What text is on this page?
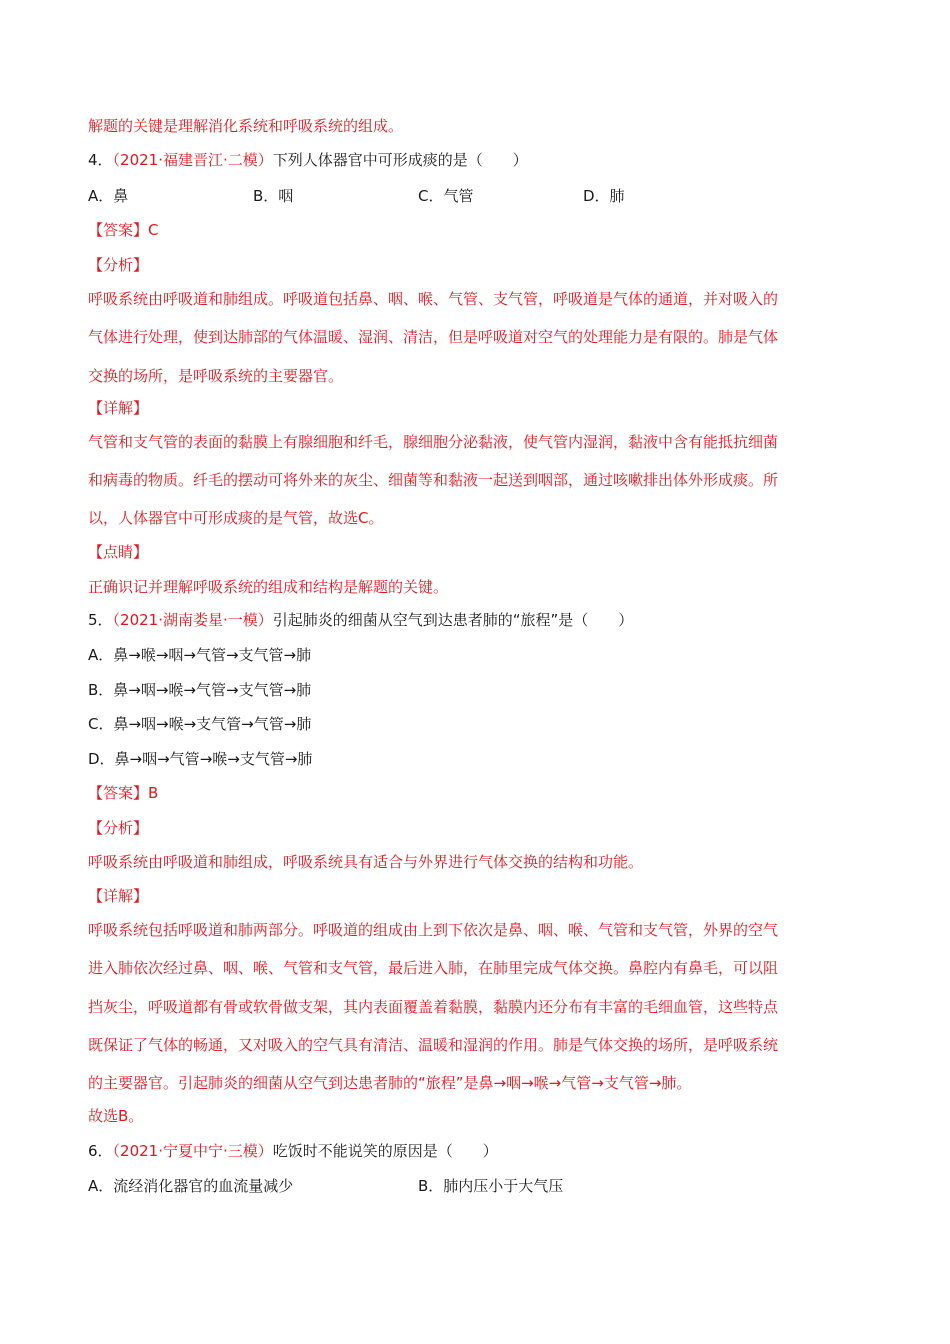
解题的关键是理解消化系统和呼吸系统的组成。
4．（2021·福建晋江·二模）下列人体器官中可形成痰的是（　　）
A．鼻	B．咽	C．气管	D．肺
【答案】C
【分析】
呼吸系统由呼吸道和肺组成。呼吸道包括鼻、咽、喉、气管、支气管，呼吸道是气体的通道，并对吸入的
气体进行处理，使到达肺部的气体温暖、湿润、清洁，但是呼吸道对空气的处理能力是有限的。肺是气体
交换的场所，是呼吸系统的主要器官。
【详解】
气管和支气管的表面的黏膜上有腺细胞和纤毛，腺细胞分泌黏液，使气管内湿润，黏液中含有能抵抗细菌
和病毒的物质。纤毛的摆动可将外来的灰尘、细菌等和黏液一起送到咽部，通过咳嗽排出体外形成痰。所
以，人体器官中可形成痰的是气管，故选C。
【点睛】
正确识记并理解呼吸系统的组成和结构是解题的关键。
5．（2021·湖南娄星·一模）引起肺炎的细菌从空气到达患者肺的“旅程”是（　　）
A．鼻→喉→咽→气管→支气管→肺
B．鼻→咽→喉→气管→支气管→肺
C．鼻→咽→喉→支气管→气管→肺
D．鼻→咽→气管→喉→支气管→肺
【答案】B
【分析】
呼吸系统由呼吸道和肺组成，呼吸系统具有适合与外界进行气体交换的结构和功能。
【详解】
呼吸系统包括呼吸道和肺两部分。呼吸道的组成由上到下依次是鼻、咽、喉、气管和支气管，外界的空气
进入肺依次经过鼻、咽、喉、气管和支气管，最后进入肺，在肺里完成气体交换。鼻腔内有鼻毛，可以阻
挡灰尘，呼吸道都有骨或软骨做支架，其内表面覆盖着黏膜，黏膜内还分布有丰富的毛细血管，这些特点
既保证了气体的畅通，又对吸入的空气具有清洁、温暖和湿润的作用。肺是气体交换的场所，是呼吸系统
的主要器官。引起肺炎的细菌从空气到达患者肺的“旅程”是鼻→咽→喉→气管→支气管→肺。
故选B。
6．（2021·宁夏中宁·三模）吃饭时不能说笑的原因是（　　）
A．流经消化器官的血流量减少	B．肺内压小于大气压
